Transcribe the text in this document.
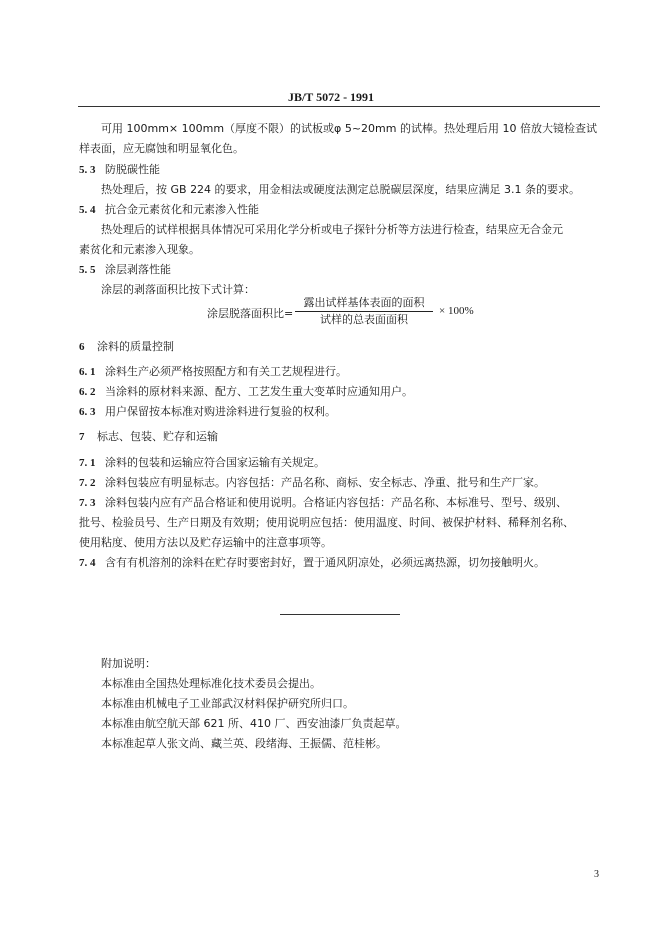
JB/T 5072 - 1991
可用 100mm× 100mm（厚度不限）的试板或φ 5~20mm 的试棒。热处理后用 10 倍放大镜检查试
样表面，应无腐蚀和明显氧化色。
5. 3 防脱碳性能
热处理后，按 GB 224 的要求，用金相法或硬度法测定总脱碳层深度，结果应满足 3.1 条的要求。
5. 4 抗合金元素贫化和元素渗入性能
热处理后的试样根据具体情况可采用化学分析或电子探针分析等方法进行检查，结果应无合金元
素贫化和元素渗入现象。
5. 5 涂层剥落性能
涂层的剥落面积比按下式计算：
涂层脱落面积比=
露出试样基体表面的面积
试样的总表面面积
× 100%
6 涂料的质量控制
6. 1 涂料生产必须严格按照配方和有关工艺规程进行。
6. 2 当涂料的原材料来源、配方、工艺发生重大变革时应通知用户。
6. 3 用户保留按本标准对购进涂料进行复验的权利。
7 标志、包装、贮存和运输
7. 1 涂料的包装和运输应符合国家运输有关规定。
7. 2 涂料包装应有明显标志。内容包括：产品名称、商标、安全标志、净重、批号和生产厂家。
7. 3 涂料包装内应有产品合格证和使用说明。合格证内容包括：产品名称、本标准号、型号、级别、
批号、检验员号、生产日期及有效期；使用说明应包括：使用温度、时间、被保护材料、稀释剂名称、
使用粘度、使用方法以及贮存运输中的注意事项等。
7. 4 含有有机溶剂的涂料在贮存时要密封好，置于通风阴凉处，必须远离热源，切勿接触明火。
附加说明：
本标准由全国热处理标准化技术委员会提出。
本标准由机械电子工业部武汉材料保护研究所归口。
本标准由航空航天部 621 所、410 厂、西安油漆厂负责起草。
本标准起草人张文尚、藏兰英、段绪海、王振儒、范桂彬。
3
